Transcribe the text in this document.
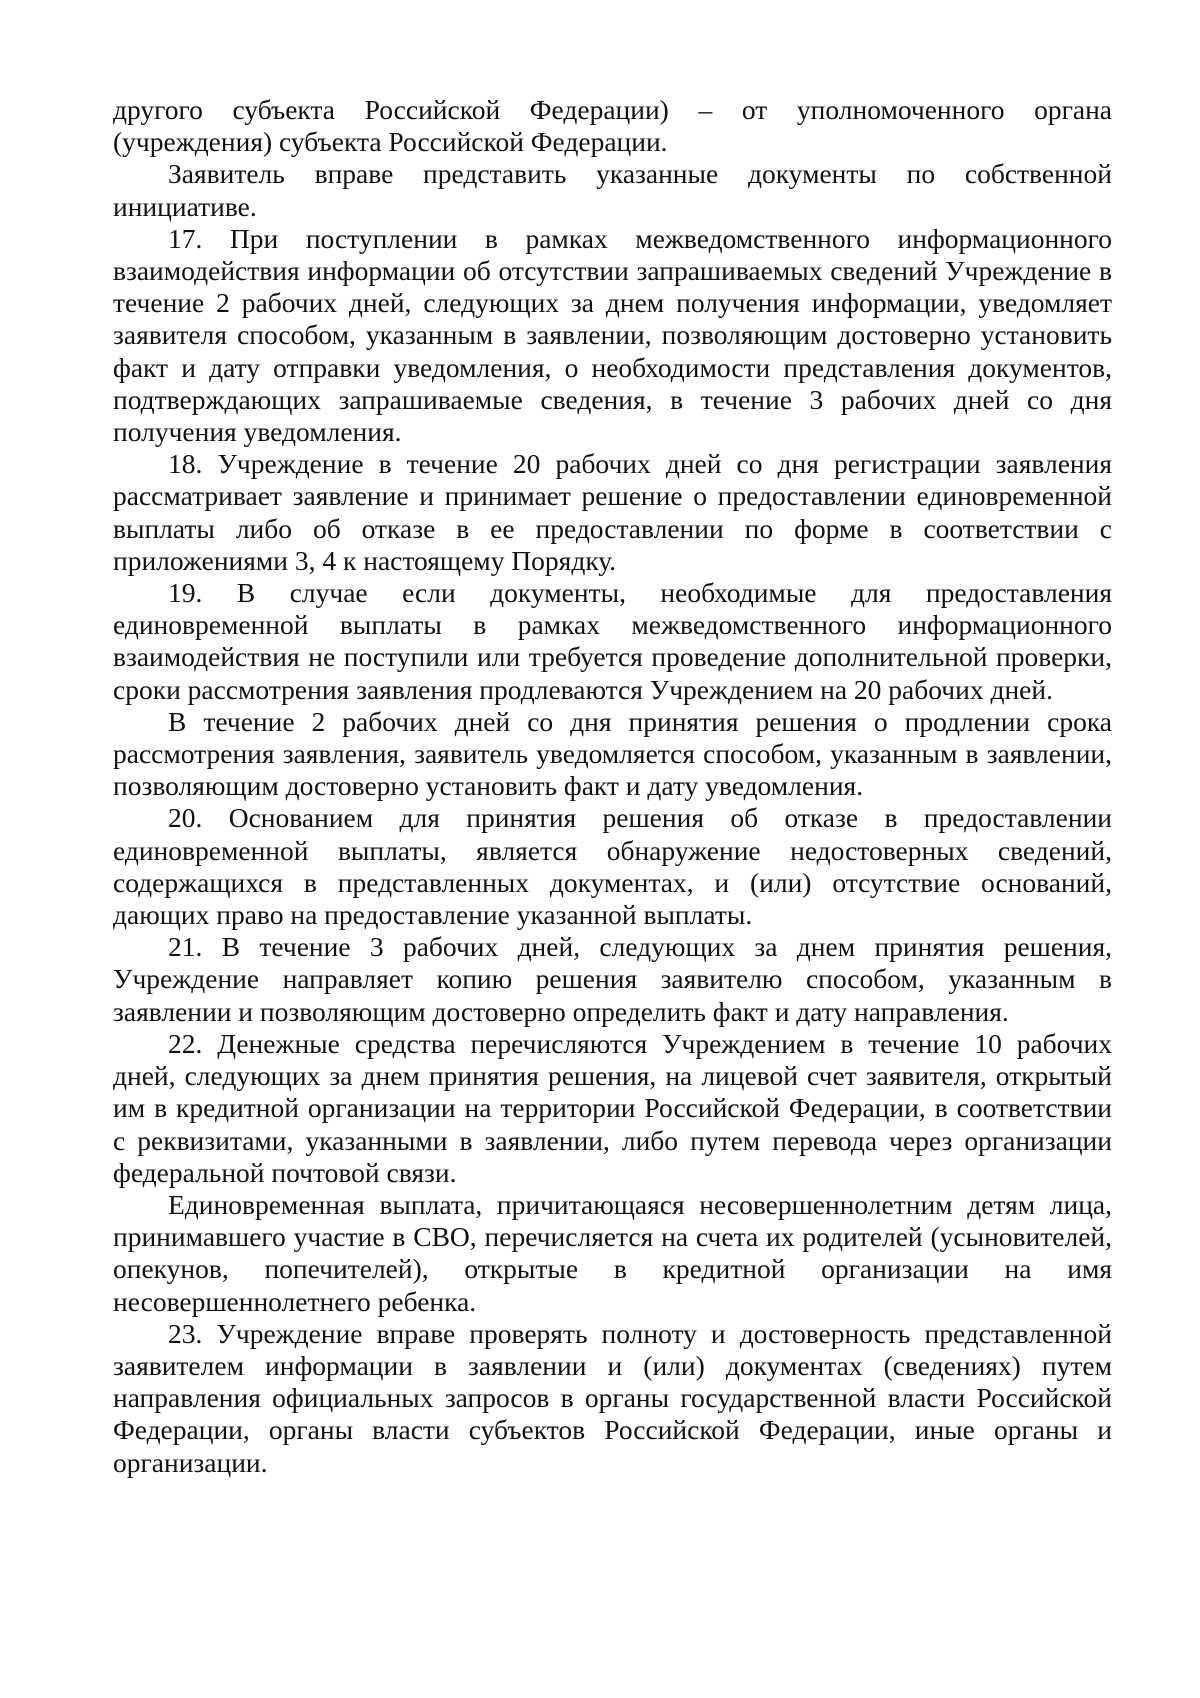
другого субъекта Российской Федерации) – от уполномоченного органа (учреждения) субъекта Российской Федерации.

Заявитель вправе представить указанные документы по собственной инициативе.

17. При поступлении в рамках межведомственного информационного взаимодействия информации об отсутствии запрашиваемых сведений Учреждение в течение 2 рабочих дней, следующих за днем получения информации, уведомляет заявителя способом, указанным в заявлении, позволяющим достоверно установить факт и дату отправки уведомления, о необходимости представления документов, подтверждающих запрашиваемые сведения, в течение 3 рабочих дней со дня получения уведомления.

18. Учреждение в течение 20 рабочих дней со дня регистрации заявления рассматривает заявление и принимает решение о предоставлении единовременной выплаты либо об отказе в ее предоставлении по форме в соответствии с приложениями 3, 4 к настоящему Порядку.

19. В случае если документы, необходимые для предоставления единовременной выплаты в рамках межведомственного информационного взаимодействия не поступили или требуется проведение дополнительной проверки, сроки рассмотрения заявления продлеваются Учреждением на 20 рабочих дней.

В течение 2 рабочих дней со дня принятия решения о продлении срока рассмотрения заявления, заявитель уведомляется способом, указанным в заявлении, позволяющим достоверно установить факт и дату уведомления.

20. Основанием для принятия решения об отказе в предоставлении единовременной выплаты, является обнаружение недостоверных сведений, содержащихся в представленных документах, и (или) отсутствие оснований, дающих право на предоставление указанной выплаты.

21. В течение 3 рабочих дней, следующих за днем принятия решения, Учреждение направляет копию решения заявителю способом, указанным в заявлении и позволяющим достоверно определить факт и дату направления.

22. Денежные средства перечисляются Учреждением в течение 10 рабочих дней, следующих за днем принятия решения, на лицевой счет заявителя, открытый им в кредитной организации на территории Российской Федерации, в соответствии с реквизитами, указанными в заявлении, либо путем перевода через организации федеральной почтовой связи.

Единовременная выплата, причитающаяся несовершеннолетним детям лица, принимавшего участие в СВО, перечисляется на счета их родителей (усыновителей, опекунов, попечителей), открытые в кредитной организации на имя несовершеннолетнего ребенка.

23. Учреждение вправе проверять полноту и достоверность представленной заявителем информации в заявлении и (или) документах (сведениях) путем направления официальных запросов в органы государственной власти Российской Федерации, органы власти субъектов Российской Федерации, иные органы и организации.
